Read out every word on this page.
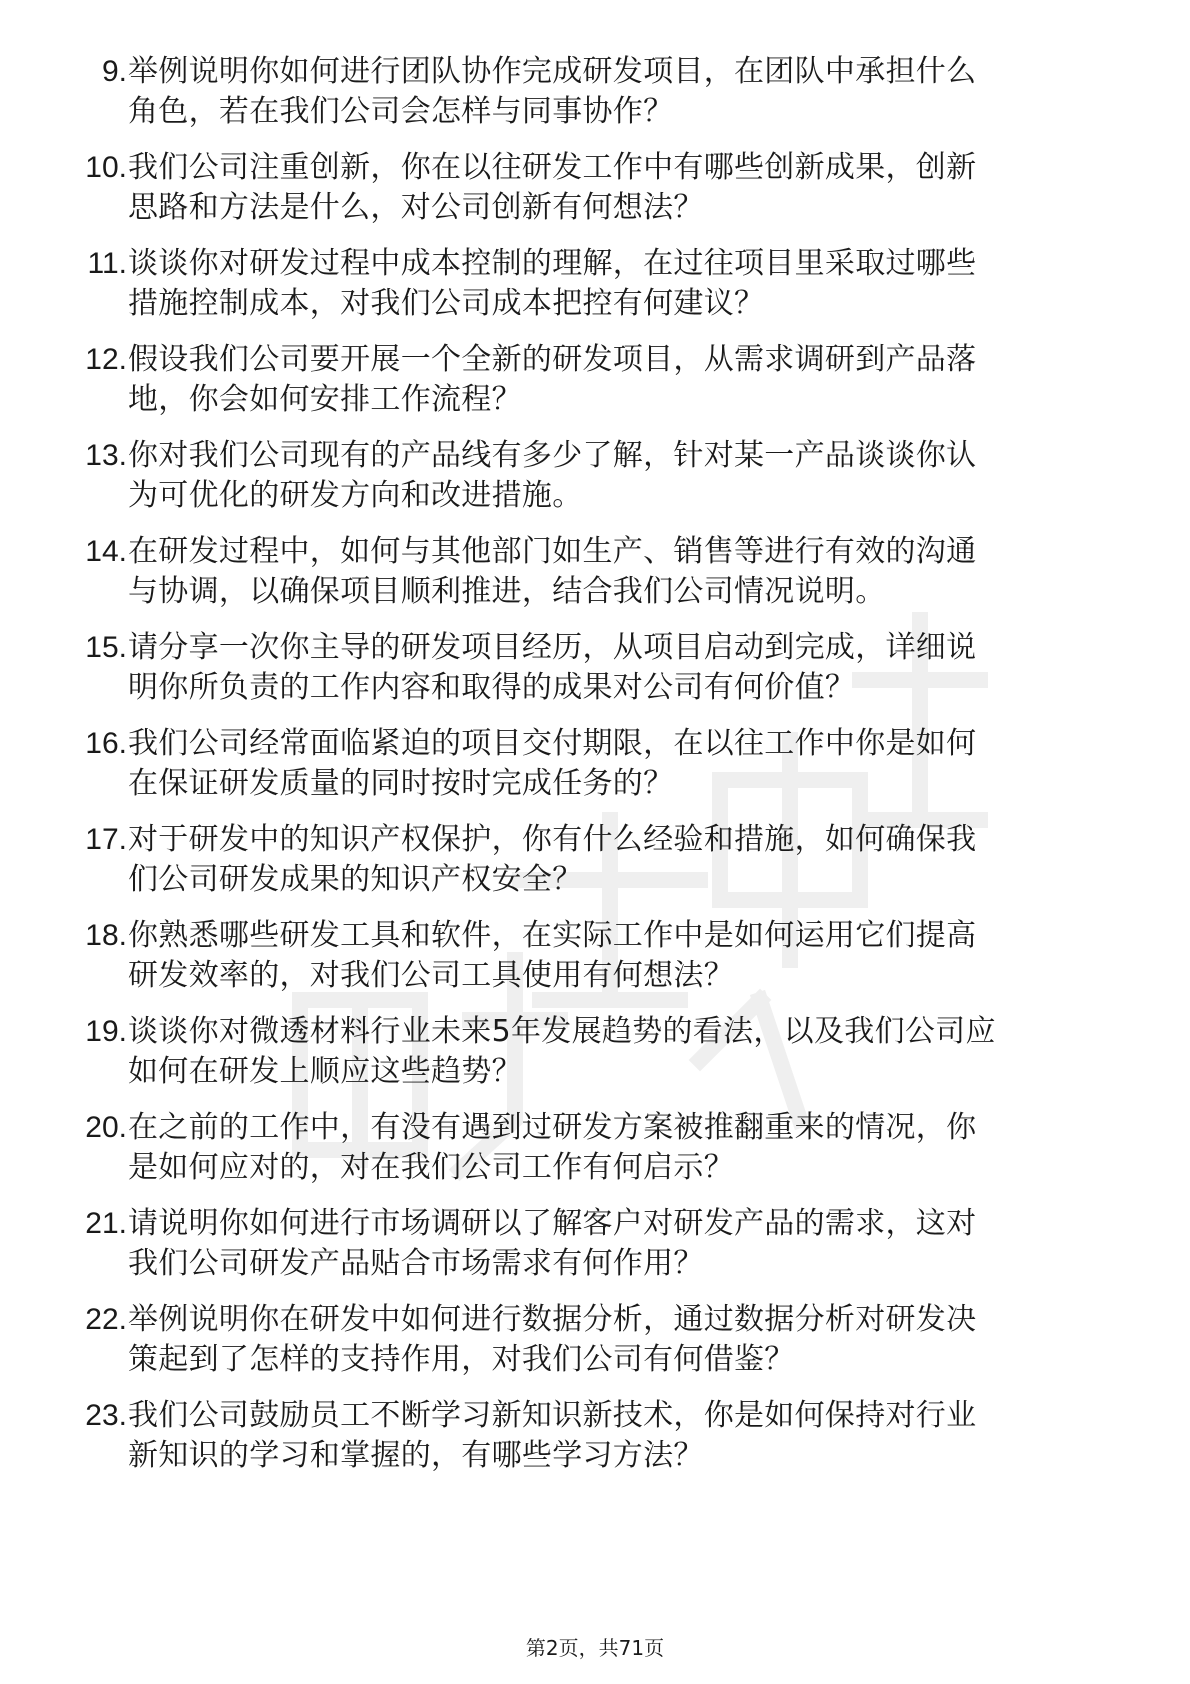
9. 举例说明你如何进行团队协作完成研发项目，在团队中承担什么
角色，若在我们公司会怎样与同事协作？
10. 我们公司注重创新，你在以往研发工作中有哪些创新成果，创新
思路和方法是什么，对公司创新有何想法？
11. 谈谈你对研发过程中成本控制的理解，在过往项目里采取过哪些
措施控制成本，对我们公司成本把控有何建议？
12. 假设我们公司要开展一个全新的研发项目，从需求调研到产品落
地，你会如何安排工作流程？
13. 你对我们公司现有的产品线有多少了解，针对某一产品谈谈你认
为可优化的研发方向和改进措施。
14. 在研发过程中，如何与其他部门如生产、销售等进行有效的沟通
与协调，以确保项目顺利推进，结合我们公司情况说明。
15. 请分享一次你主导的研发项目经历，从项目启动到完成，详细说
明你所负责的工作内容和取得的成果对公司有何价值？
16. 我们公司经常面临紧迫的项目交付期限，在以往工作中你是如何
在保证研发质量的同时按时完成任务的？
17. 对于研发中的知识产权保护，你有什么经验和措施，如何确保我
们公司研发成果的知识产权安全？
18. 你熟悉哪些研发工具和软件，在实际工作中是如何运用它们提高
研发效率的，对我们公司工具使用有何想法？
19. 谈谈你对微透材料行业未来5年发展趋势的看法，以及我们公司应
如何在研发上顺应这些趋势？
20. 在之前的工作中，有没有遇到过研发方案被推翻重来的情况，你
是如何应对的，对在我们公司工作有何启示？
21. 请说明你如何进行市场调研以了解客户对研发产品的需求，这对
我们公司研发产品贴合市场需求有何作用？
22. 举例说明你在研发中如何进行数据分析，通过数据分析对研发决
策起到了怎样的支持作用，对我们公司有何借鉴？
23. 我们公司鼓励员工不断学习新知识新技术，你是如何保持对行业
新知识的学习和掌握的，有哪些学习方法？
第2页，共71页
